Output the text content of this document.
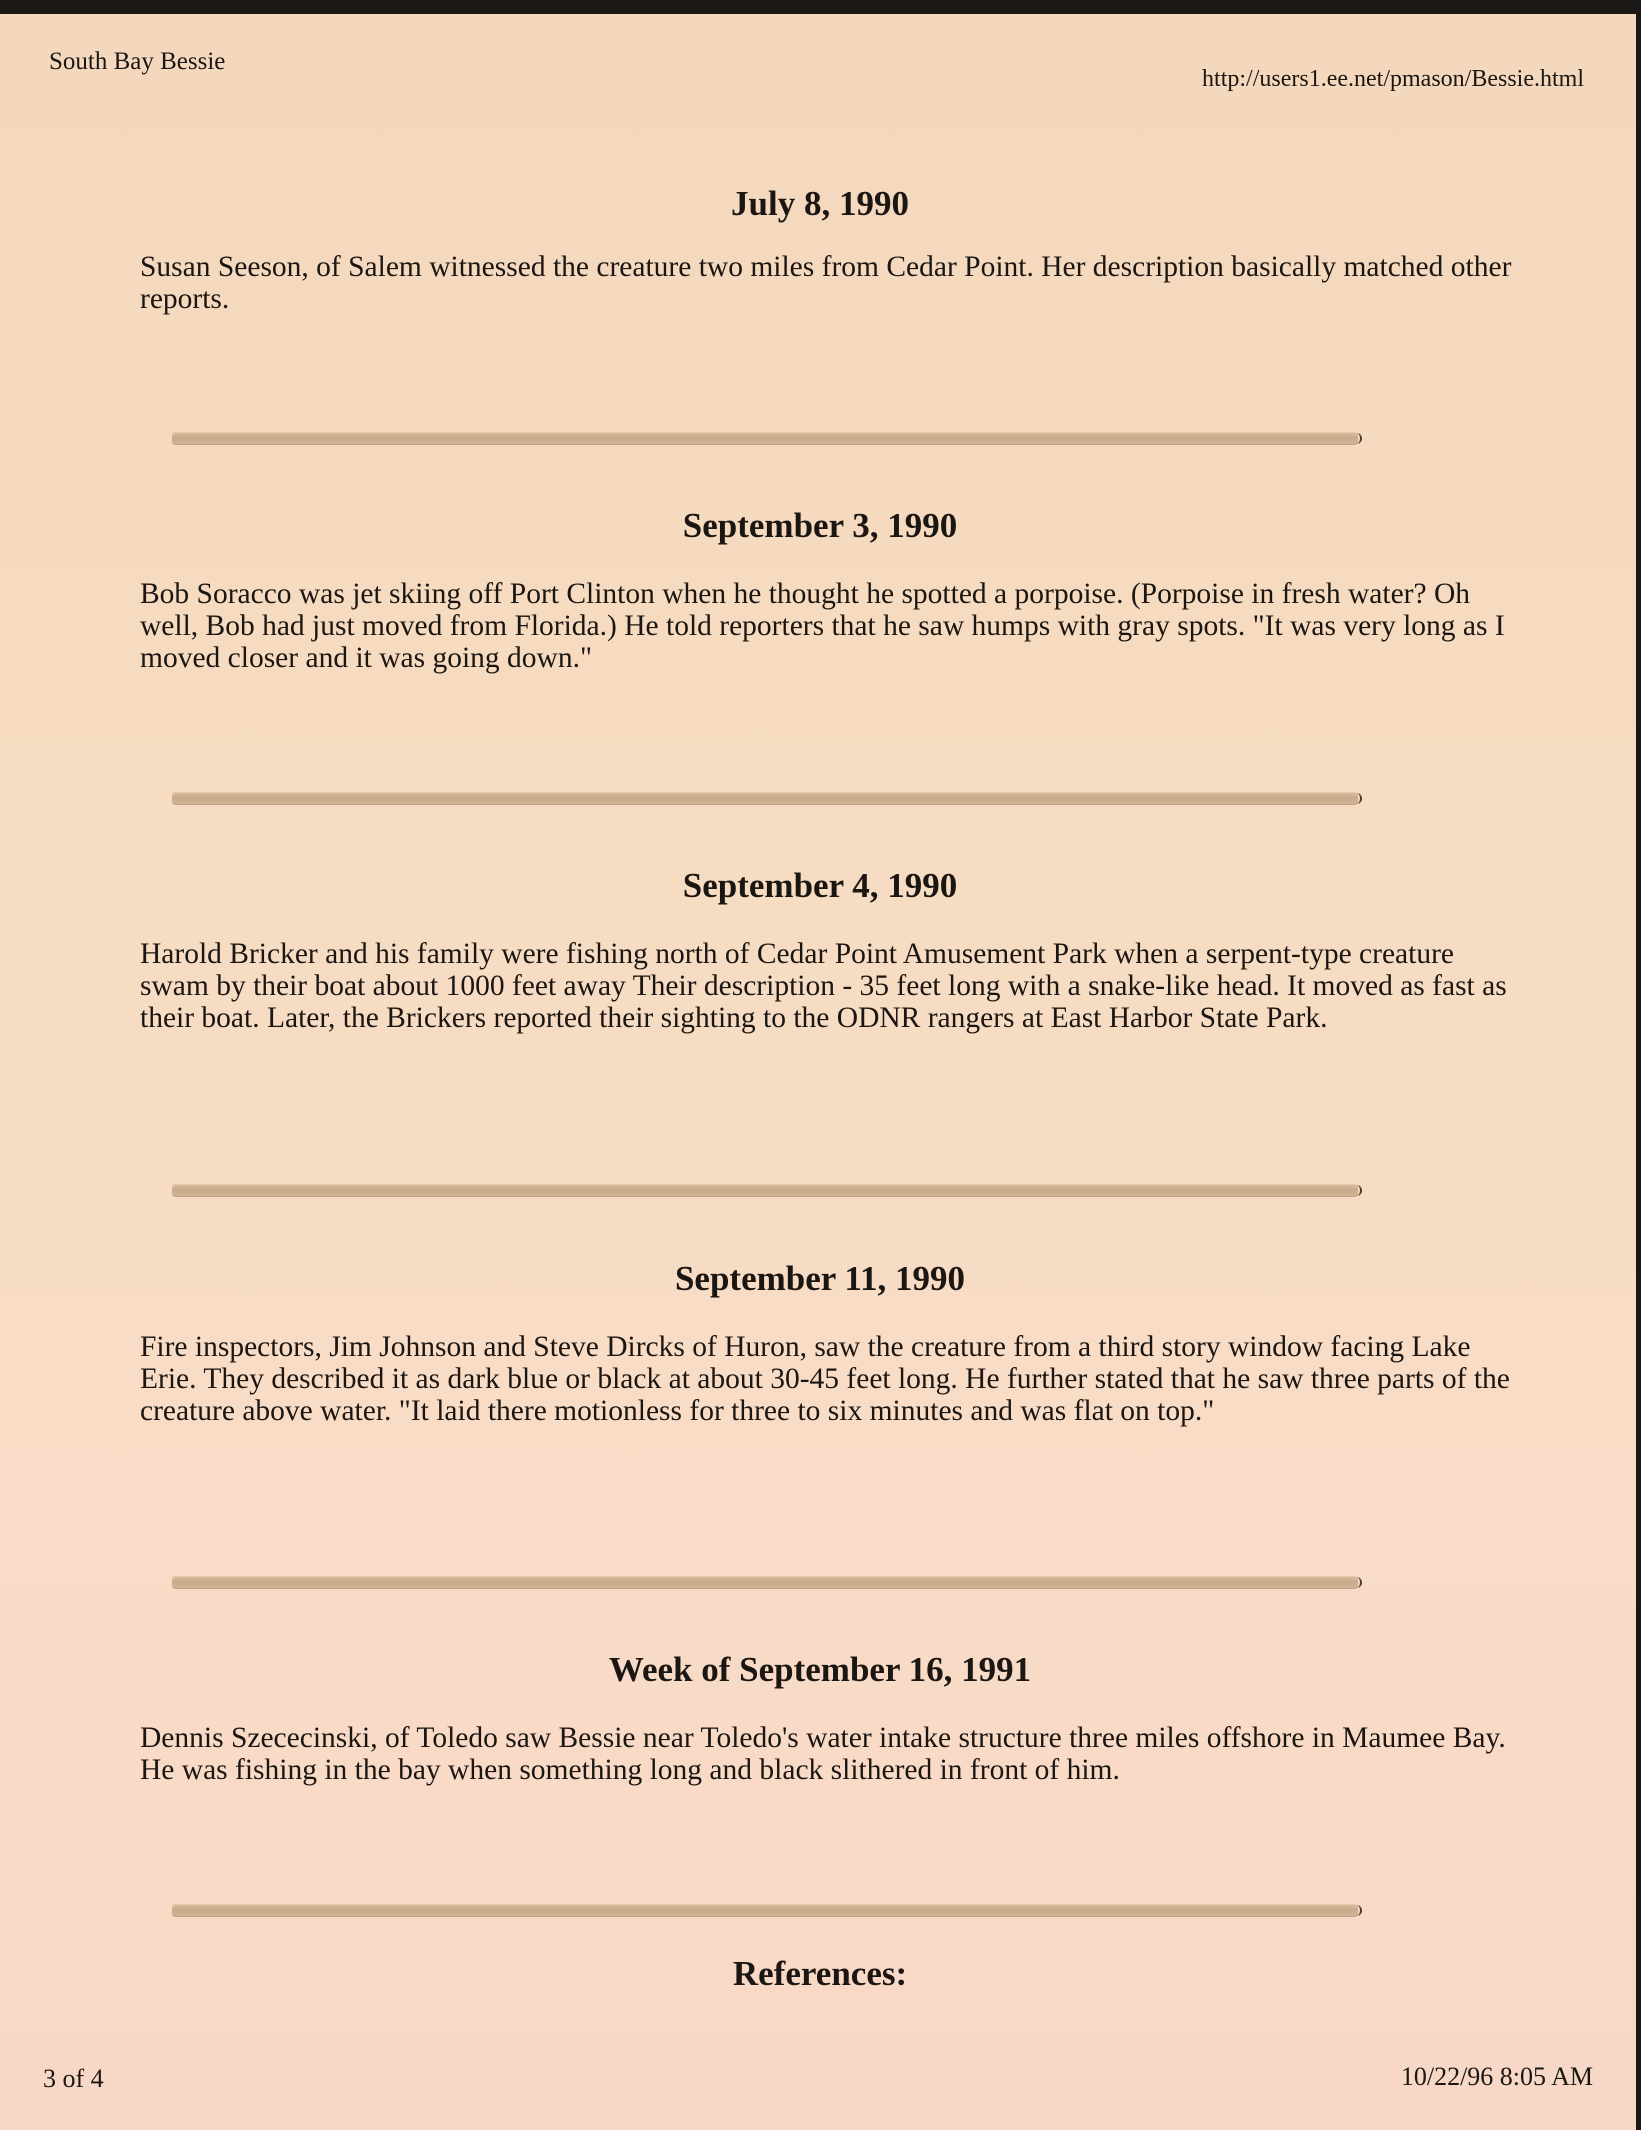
South Bay Bessie
http://users1.ee.net/pmason/Bessie.html
July 8, 1990
Susan Seeson, of Salem witnessed the creature two miles from Cedar Point. Her description basically matched other reports.
September 3, 1990
Bob Soracco was jet skiing off Port Clinton when he thought he spotted a porpoise. (Porpoise in fresh water? Oh well, Bob had just moved from Florida.) He told reporters that he saw humps with gray spots. "It was very long as I moved closer and it was going down."
September 4, 1990
Harold Bricker and his family were fishing north of Cedar Point Amusement Park when a serpent-type creature swam by their boat about 1000 feet away Their description - 35 feet long with a snake-like head. It moved as fast as their boat. Later, the Brickers reported their sighting to the ODNR rangers at East Harbor State Park.
September 11, 1990
Fire inspectors, Jim Johnson and Steve Dircks of Huron, saw the creature from a third story window facing Lake Erie. They described it as dark blue or black at about 30-45 feet long. He further stated that he saw three parts of the creature above water. "It laid there motionless for three to six minutes and was flat on top."
Week of September 16, 1991
Dennis Szececinski, of Toledo saw Bessie near Toledo's water intake structure three miles offshore in Maumee Bay. He was fishing in the bay when something long and black slithered in front of him.
References:
3 of 4	10/22/96 8:05 AM
